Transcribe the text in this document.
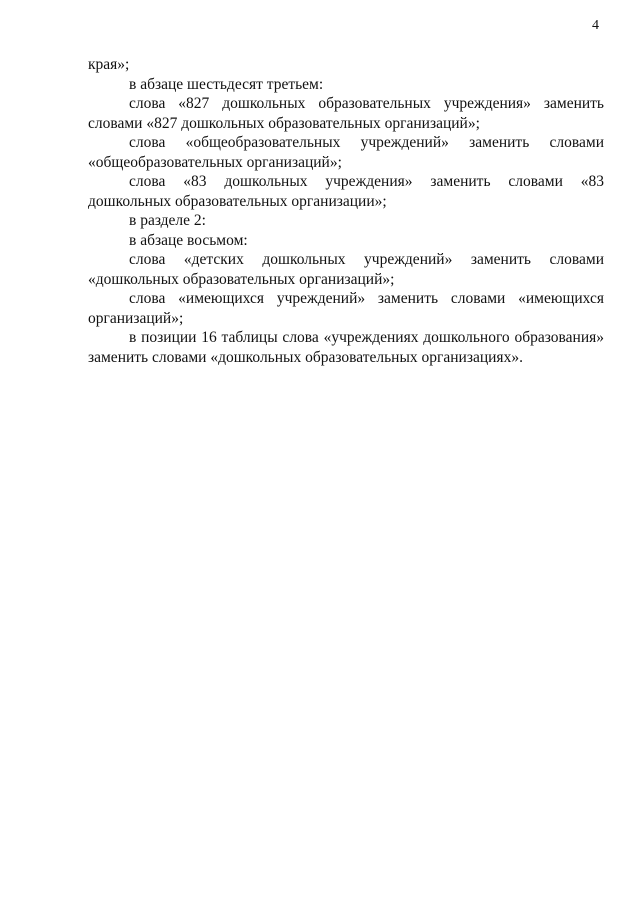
4

края»;

в абзаце шестьдесят третьем:

слова «827 дошкольных образовательных учреждения» заменить словами «827 дошкольных образовательных организаций»;

слова «общеобразовательных учреждений» заменить словами «общеобразовательных организаций»;

слова «83 дошкольных учреждения» заменить словами «83 дошкольных образовательных организации»;

в разделе 2:

в абзаце восьмом:

слова «детских дошкольных учреждений» заменить словами «дошкольных образовательных организаций»;

слова «имеющихся учреждений» заменить словами «имеющихся организаций»;

в позиции 16 таблицы слова «учреждениях дошкольного образования» заменить словами «дошкольных образовательных организациях».
